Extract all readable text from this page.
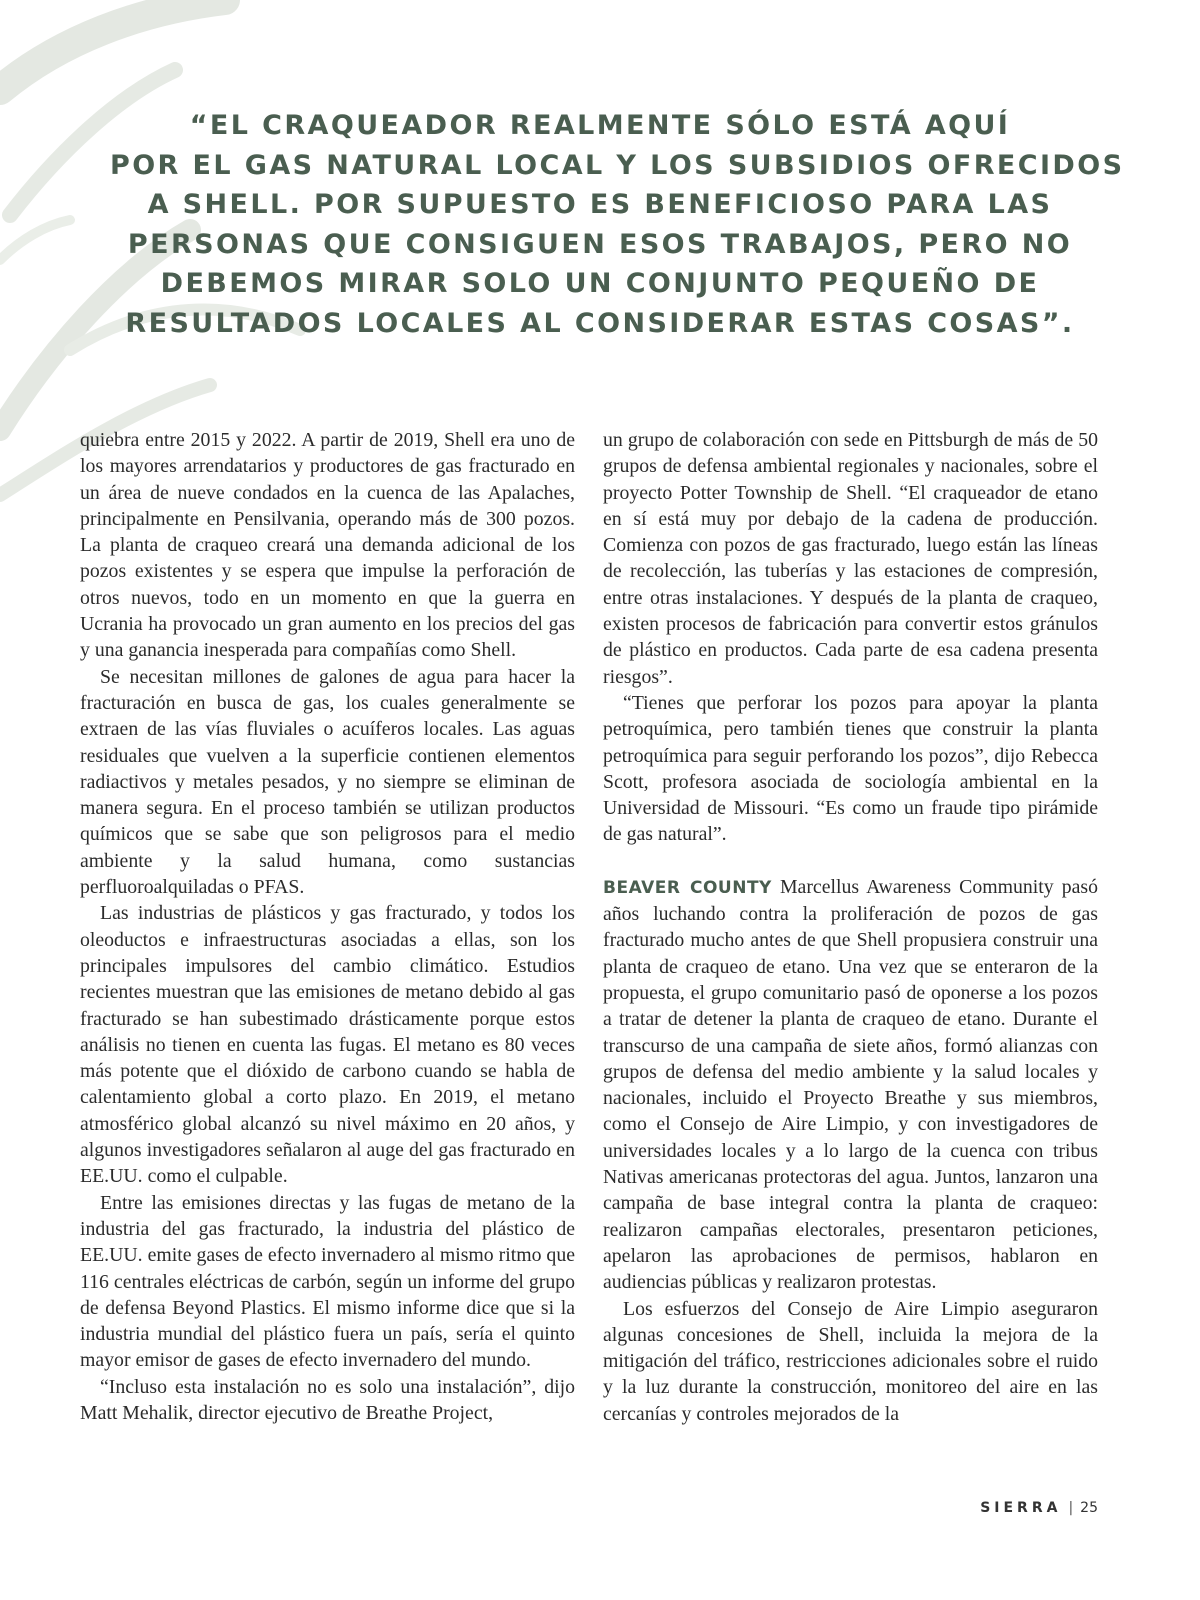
“EL CRAQUEADOR REALMENTE SÓLO ESTÁ AQUÍ
POR EL GAS NATURAL LOCAL Y LOS SUBSIDIOS OFRECIDOS
A SHELL. POR SUPUESTO ES BENEFICIOSO PARA LAS
PERSONAS QUE CONSIGUEN ESOS TRABAJOS, PERO NO
DEBEMOS MIRAR SOLO UN CONJUNTO PEQUEÑO DE
RESULTADOS LOCALES AL CONSIDERAR ESTAS COSAS”.

quiebra entre 2015 y 2022. A partir de 2019, Shell era uno de los mayores arrendatarios y productores de gas fracturado en un área de nueve condados en la cuenca de las Apalaches, principalmente en Pensilvania, operando más de 300 pozos. La planta de craqueo creará una demanda adicional de los pozos existentes y se espera que impulse la perforación de otros nuevos, todo en un momento en que la guerra en Ucrania ha provocado un gran aumento en los precios del gas y una ganancia inesperada para compañías como Shell.

Se necesitan millones de galones de agua para hacer la fracturación en busca de gas, los cuales generalmente se extraen de las vías fluviales o acuíferos locales. Las aguas residuales que vuelven a la superficie contienen elementos radiactivos y metales pesados, y no siempre se eliminan de manera segura. En el proceso también se utilizan productos químicos que se sabe que son peligrosos para el medio ambiente y la salud humana, como sustancias perfluoroalquiladas o PFAS.

Las industrias de plásticos y gas fracturado, y todos los oleoductos e infraestructuras asociadas a ellas, son los principales impulsores del cambio climático. Estudios recientes muestran que las emisiones de metano debido al gas fracturado se han subestimado drásticamente porque estos análisis no tienen en cuenta las fugas. El metano es 80 veces más potente que el dióxido de carbono cuando se habla de calentamiento global a corto plazo. En 2019, el metano atmosférico global alcanzó su nivel máximo en 20 años, y algunos investigadores señalaron al auge del gas fracturado en EE.UU. como el culpable.

Entre las emisiones directas y las fugas de metano de la industria del gas fracturado, la industria del plástico de EE.UU. emite gases de efecto invernadero al mismo ritmo que 116 centrales eléctricas de carbón, según un informe del grupo de defensa Beyond Plastics. El mismo informe dice que si la industria mundial del plástico fuera un país, sería el quinto mayor emisor de gases de efecto invernadero del mundo.

“Incluso esta instalación no es solo una instalación”, dijo Matt Mehalik, director ejecutivo de Breathe Project,

un grupo de colaboración con sede en Pittsburgh de más de 50 grupos de defensa ambiental regionales y nacionales, sobre el proyecto Potter Township de Shell. “El craqueador de etano en sí está muy por debajo de la cadena de producción. Comienza con pozos de gas fracturado, luego están las líneas de recolección, las tuberías y las estaciones de compresión, entre otras instalaciones. Y después de la planta de craqueo, existen procesos de fabricación para convertir estos gránulos de plástico en productos. Cada parte de esa cadena presenta riesgos”.

“Tienes que perforar los pozos para apoyar la planta petroquímica, pero también tienes que construir la planta petroquímica para seguir perforando los pozos”, dijo Rebecca Scott, profesora asociada de sociología ambiental en la Universidad de Missouri. “Es como un fraude tipo pirámide de gas natural”.

BEAVER COUNTY Marcellus Awareness Community pasó años luchando contra la proliferación de pozos de gas fracturado mucho antes de que Shell propusiera construir una planta de craqueo de etano. Una vez que se enteraron de la propuesta, el grupo comunitario pasó de oponerse a los pozos a tratar de detener la planta de craqueo de etano. Durante el transcurso de una campaña de siete años, formó alianzas con grupos de defensa del medio ambiente y la salud locales y nacionales, incluido el Proyecto Breathe y sus miembros, como el Consejo de Aire Limpio, y con investigadores de universidades locales y a lo largo de la cuenca con tribus Nativas americanas protectoras del agua. Juntos, lanzaron una campaña de base integral contra la planta de craqueo: realizaron campañas electorales, presentaron peticiones, apelaron las aprobaciones de permisos, hablaron en audiencias públicas y realizaron protestas.

Los esfuerzos del Consejo de Aire Limpio aseguraron algunas concesiones de Shell, incluida la mejora de la mitigación del tráfico, restricciones adicionales sobre el ruido y la luz durante la construcción, monitoreo del aire en las cercanías y controles mejorados de la

SIERRA | 25
